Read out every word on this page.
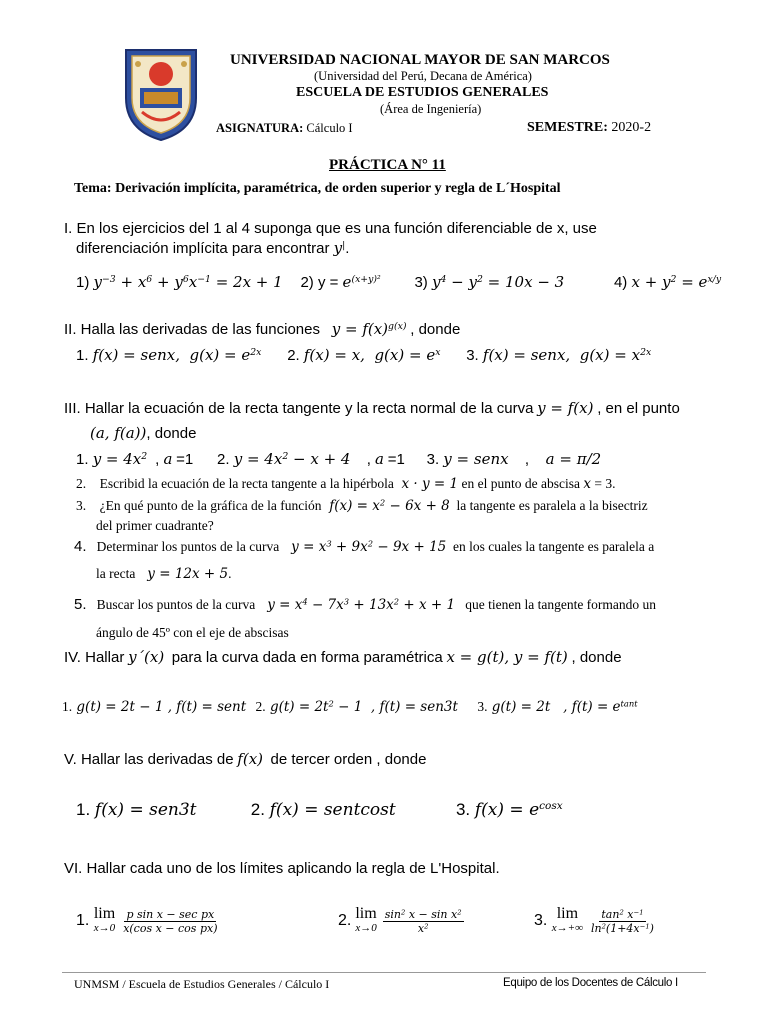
UNIVERSIDAD NACIONAL MAYOR DE SAN MARCOS
(Universidad del Perú, Decana de América)
ESCUELA DE ESTUDIOS GENERALES
(Área de Ingeniería)
ASIGNATURA: Cálculo I	SEMESTRE: 2020-2
PRÁCTICA N° 11
Tema: Derivación implícita, paramétrica, de orden superior y regla de L´Hospital
I. En los ejercicios del 1 al 4 suponga que es una función diferenciable de x, use
diferenciación implícita para encontrar y|.
1) $y^{-3} + x^6 + y^6x^{-1} = 2x + 1$ 2) $y = e^{(x+y)^2}$ 3) $y^4 - y^2 = 10x - 3$	4) $x + y^2 = e^{x/y}$
II. Halla las derivadas de las funciones $y = f(x)^{g(x)}$ , donde
1. f(x) = senx,  $g(x) = e^{2x}$ 2. f(x) = x,  $g(x) = e^x$ 3. f(x) = senx,  $g(x) = x^{2x}$
III. Hallar la ecuación de la recta tangente y la recta normal de la curva y = f(x) , en el punto
(a, f(a)), donde
1. $y = 4x^2$  , a =1 2. $y = 4x^2 - x + 4$    , a =1 3. y = senx    ,    a = π/2
2.    Escribid la ecuación de la recta tangente a la hipérbola  x · y = 1 en el punto de abscisa x = 3.
3.    ¿En qué punto de la gráfica de la función  $f(x) = x^2 - 6x + 8$ la tangente es paralela a la bisectriz
del primer cuadrante?
4. Determinar los puntos de la curva   $y = x^3 + 9x^2 - 9x + 15$ en los cuales la tangente es paralela a
la recta   y = 12x + 5.
5. Buscar los puntos de la curva   $y = x^4 - 7x^3 + 13x^2 + x + 1$ que tienen la tangente formando un
ángulo de 45º con el eje de abscisas
IV. Hallar y´(x) para la curva dada en forma paramétrica x = g(t), y = f(t) , donde
1. g(t) = 2t − 1 , f(t) = sent 2. $g(t) = 2t^2 - 1$  , f(t) = sen3t 3. g(t) = 2t   , $f(t) = e^{tant}$
V. Hallar las derivadas de f(x) de tercer orden , donde
1. f(x) = sen3t	2. f(x) = sentcost	3. $f(x) = e^{cosx}$
VI. Hallar cada uno de los límites aplicando la regla de L'Hospital.
1. lim
x→0
$\frac{\text{p sin x − sec px}}{\text{x(cos x − cos px)}}$	2. lim
x→0
$\frac{\sin^2 x - \sin x^2}{x^2}$	3. lim
x→+∞
$\frac{\tan^2 x^{-1}}{\ln^2(1+4x^{-1})}$
UNMSM / Escuela de Estudios Generales / Cálculo I	Equipo de los Docentes de Cálculo I
